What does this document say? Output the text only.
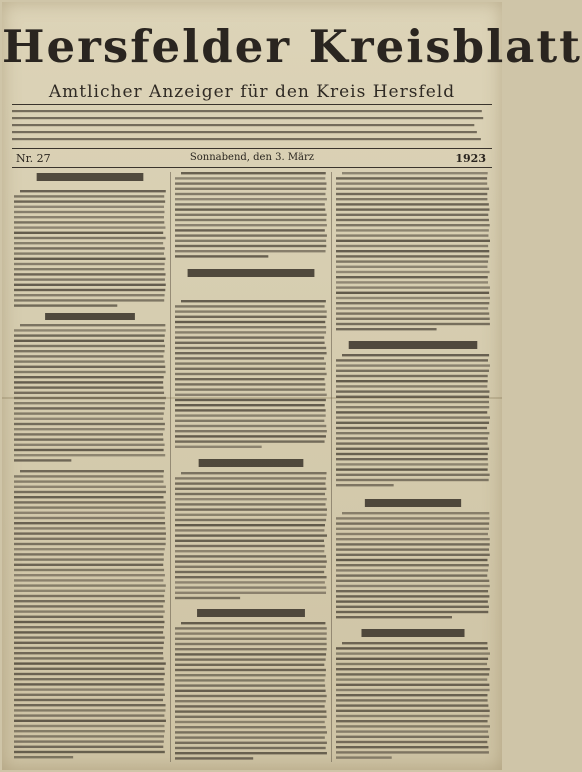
Hersfelder Kreisblatt
Amtlicher Anzeiger für den Kreis Hersfeld
Nr. 27	Sonnabend, den 3. März	1923
